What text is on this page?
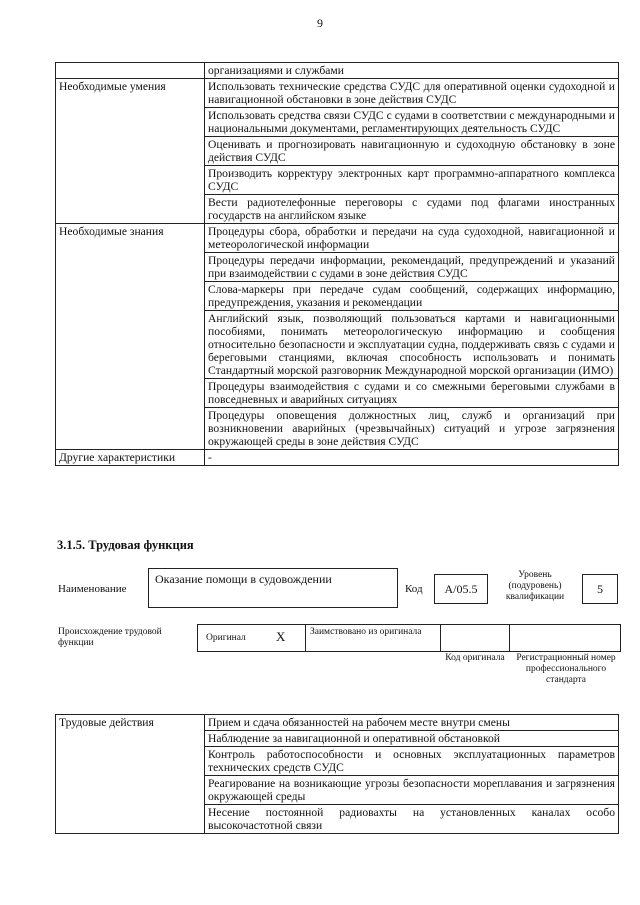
9
	организациями и службами
Необходимые умения	Использовать технические средства СУДС для оперативной оценки судоходной и навигационной обстановки в зоне действия СУДС
	Использовать средства связи СУДС с судами в соответствии с международными и национальными документами, регламентирующих деятельность СУДС
	Оценивать и прогнозировать навигационную и судоходную обстановку в зоне действия СУДС
	Производить корректуру электронных карт программно-аппаратного комплекса СУДС
	Вести радиотелефонные переговоры с судами под флагами иностранных государств на английском языке
Необходимые знания	Процедуры сбора, обработки и передачи на суда судоходной, навигационной и метеорологической информации
	Процедуры передачи информации, рекомендаций, предупреждений и указаний при взаимодействии с судами в зоне действия СУДС
	Слова-маркеры при передаче судам сообщений, содержащих информацию, предупреждения, указания и рекомендации
	Английский язык, позволяющий пользоваться картами и навигационными пособиями, понимать метеорологическую информацию и сообщения относительно безопасности и эксплуатации судна, поддерживать связь с судами и береговыми станциями, включая способность использовать и понимать Стандартный морской разговорник Международной морской организации (ИМО)
	Процедуры взаимодействия с судами и со смежными береговыми службами в повседневных и аварийных ситуациях
	Процедуры оповещения должностных лиц, служб и организаций при возникновении аварийных (чрезвычайных) ситуаций и угрозе загрязнения окружающей среды в зоне действия СУДС
Другие характеристики	-
3.1.5. Трудовая функция
Наименование
Оказание помощи в судовождении
Код	А/05.5
Уровень (подуровень) квалификации
5
Происхождение трудовой функции	Оригинал X	Заимствовано из оригинала
Код оригинала	Регистрационный номер профессионального стандарта
Трудовые действия	Прием и сдача обязанностей на рабочем месте внутри смены
Наблюдение за навигационной и оперативной обстановкой
Контроль работоспособности и основных эксплуатационных параметров технических средств СУДС
Реагирование на возникающие угрозы безопасности мореплавания и загрязнения окружающей среды
Несение постоянной радиовахты на установленных каналах особо высокочастотной связи
